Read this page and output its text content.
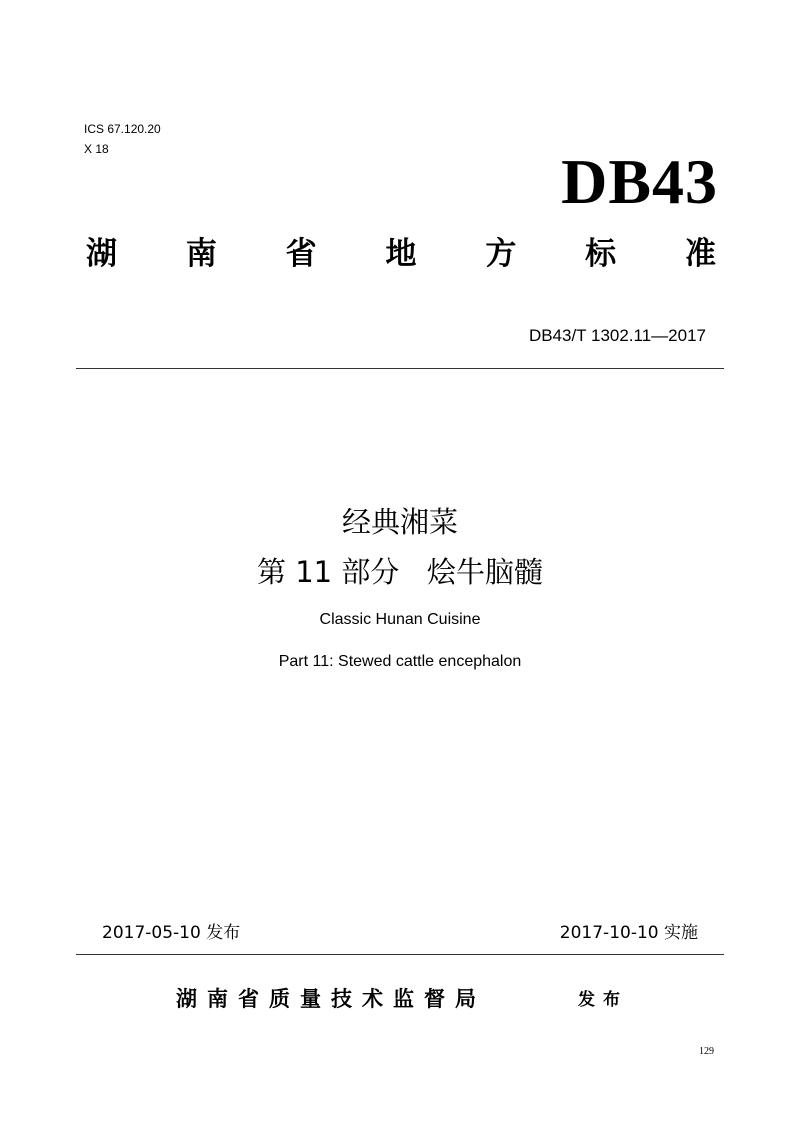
ICS 67.120.20
X 18	DB43
湖 南 省 地 方 标 准
DB43/T 1302.11—2017
经典湘菜
第 11 部分   烩牛脑髓
Classic Hunan Cuisine
Part 11: Stewed cattle encephalon
2017-05-10 发布	2017-10-10 实施
湖南省质量技术监督局	发布
129
